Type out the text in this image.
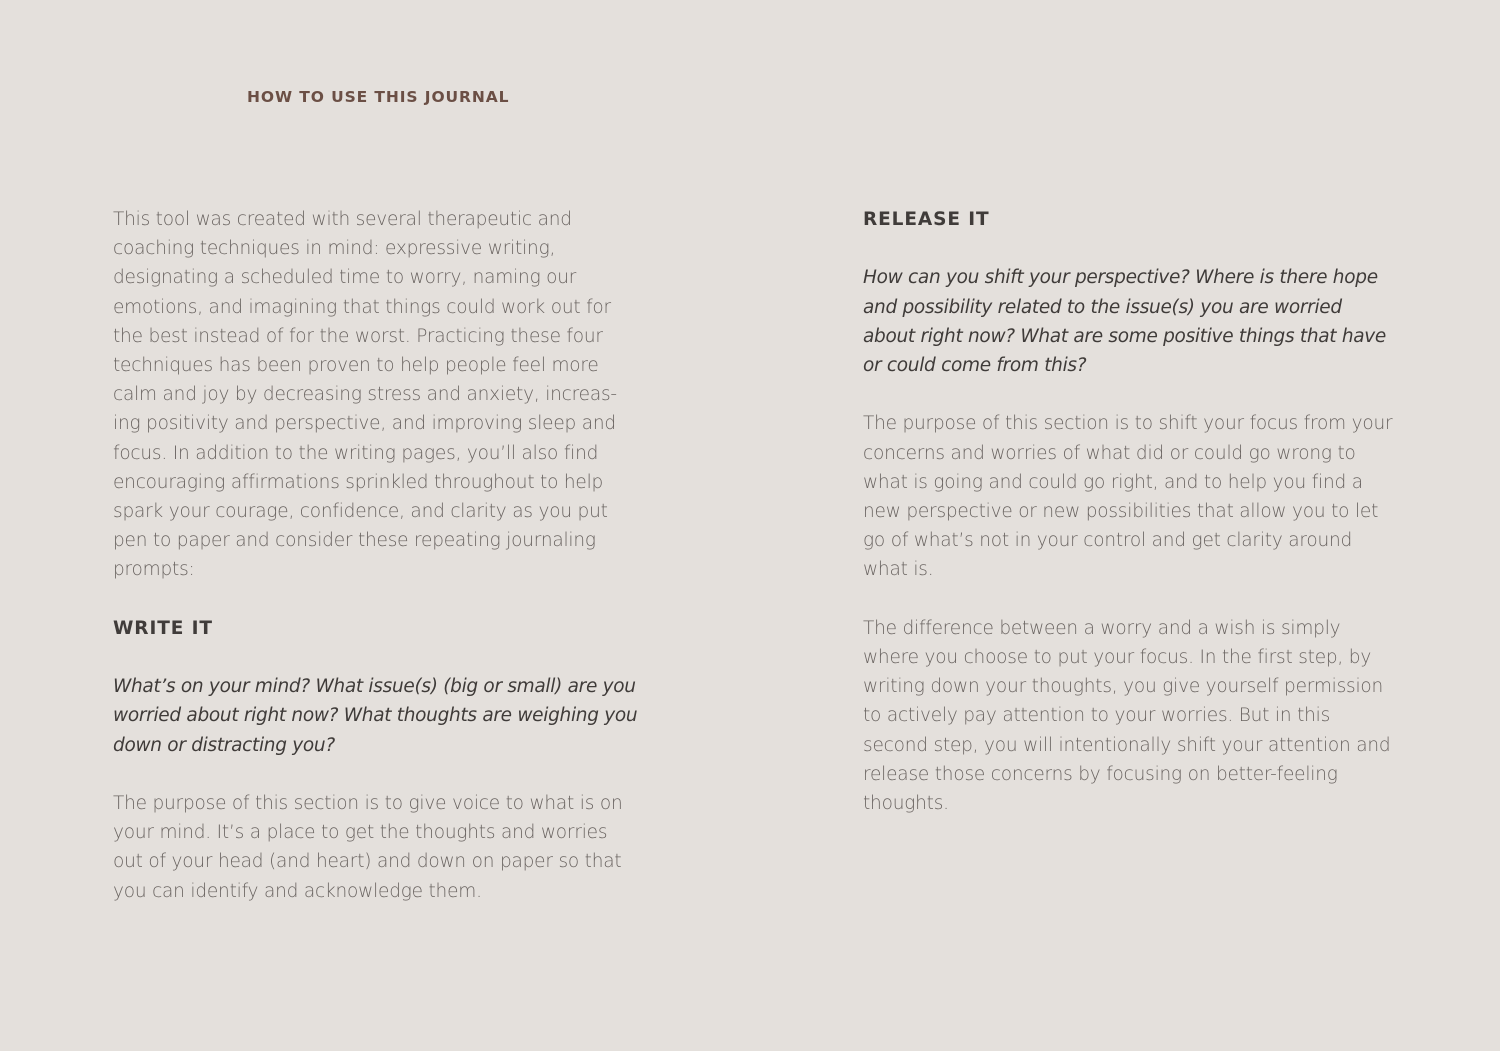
HOW TO USE THIS JOURNAL

This tool was created with several therapeutic and coaching techniques in mind: expressive writing, designating a scheduled time to worry, naming our emotions, and imagining that things could work out for the best instead of for the worst. Practicing these four techniques has been proven to help people feel more calm and joy by decreasing stress and anxiety, increas-ing positivity and perspective, and improving sleep and focus. In addition to the writing pages, you’ll also find encouraging affirmations sprinkled throughout to help spark your courage, confidence, and clarity as you put pen to paper and consider these repeating journaling prompts:

WRITE IT

What’s on your mind? What issue(s) (big or small) are you worried about right now? What thoughts are weighing you down or distracting you?

The purpose of this section is to give voice to what is on your mind. It’s a place to get the thoughts and worries out of your head (and heart) and down on paper so that you can identify and acknowledge them.

RELEASE IT

How can you shift your perspective? Where is there hope and possibility related to the issue(s) you are worried about right now? What are some positive things that have or could come from this?

The purpose of this section is to shift your focus from your concerns and worries of what did or could go wrong to what is going and could go right, and to help you find a new perspective or new possibilities that allow you to let go of what’s not in your control and get clarity around what is.

The difference between a worry and a wish is simply where you choose to put your focus. In the first step, by writing down your thoughts, you give yourself permission to actively pay attention to your worries. But in this second step, you will intentionally shift your attention and release those concerns by focusing on better-feeling thoughts.
